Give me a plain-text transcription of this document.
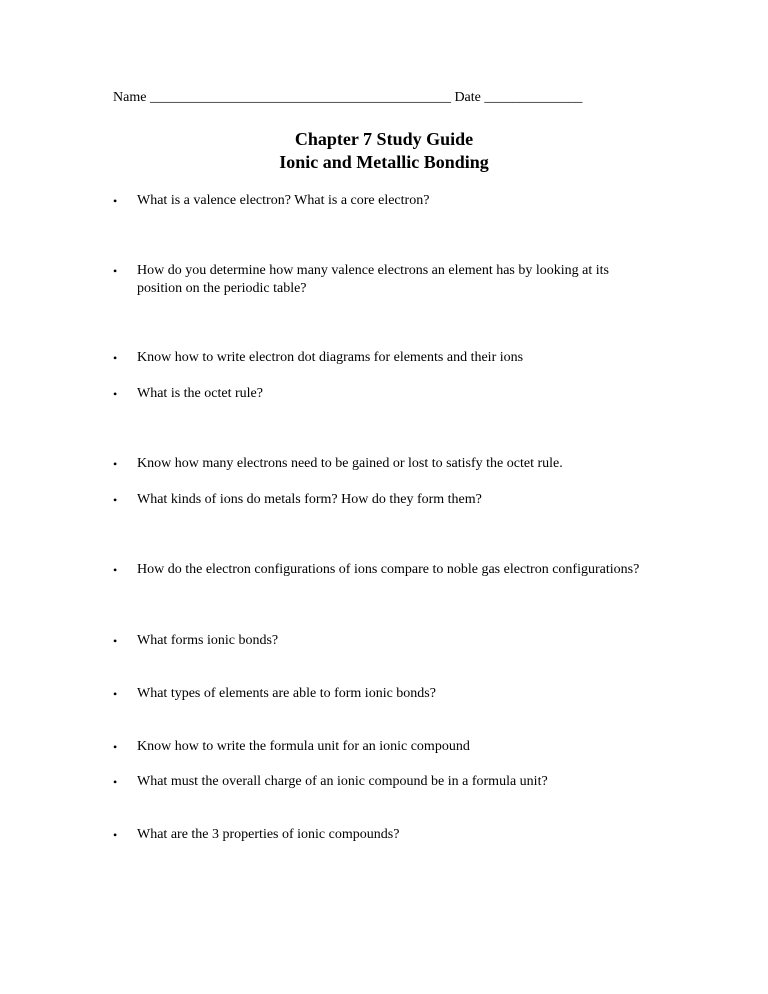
Name ___________________________________________ Date ______________
Chapter 7 Study Guide
Ionic and Metallic Bonding
• What is a valence electron? What is a core electron?
• How do you determine how many valence electrons an element has by looking at its position on the periodic table?
• Know how to write electron dot diagrams for elements and their ions
• What is the octet rule?
• Know how many electrons need to be gained or lost to satisfy the octet rule.
• What kinds of ions do metals form? How do they form them?
• How do the electron configurations of ions compare to noble gas electron configurations?
• What forms ionic bonds?
• What types of elements are able to form ionic bonds?
• Know how to write the formula unit for an ionic compound
• What must the overall charge of an ionic compound be in a formula unit?
• What are the 3 properties of ionic compounds?
